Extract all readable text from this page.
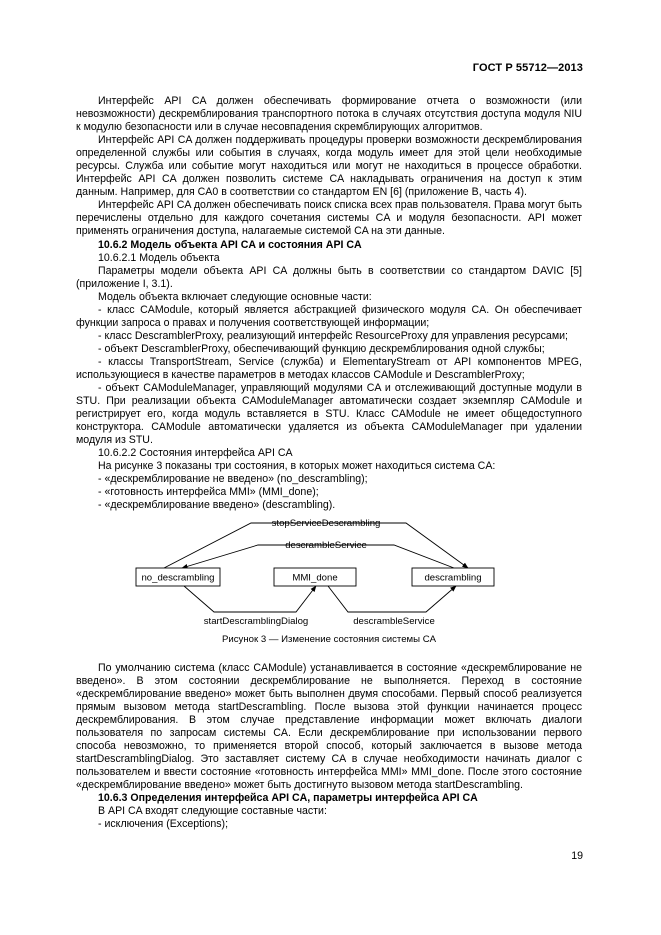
ГОСТ Р 55712—2013

Интерфейс API CA должен обеспечивать формирование отчета о возможности (или невозможности) дескремблирования транспортного потока в случаях отсутствия доступа модуля NIU к модулю безопасности или в случае несовпадения скремблирующих алгоритмов.

Интерфейс API CA должен поддерживать процедуры проверки возможности дескремблирования определенной службы или события в случаях, когда модуль имеет для этой цели необходимые ресурсы. Служба или событие могут находиться или могут не находиться в процессе обработки. Интерфейс API CA должен позволить системе CA накладывать ограничения на доступ к этим данным. Например, для CA0 в соответствии со стандартом EN [6] (приложение B, часть 4).

Интерфейс API CA должен обеспечивать поиск списка всех прав пользователя. Права могут быть перечислены отдельно для каждого сочетания системы CA и модуля безопасности. API может применять ограничения доступа, налагаемые системой CA на эти данные.

10.6.2 Модель объекта API CA и состояния API CA

10.6.2.1 Модель объекта

Параметры модели объекта API CA должны быть в соответствии со стандартом DAVIC [5] (приложение I, 3.1).

Модель объекта включает следующие основные части:

- класс CAModule, который является абстракцией физического модуля CA. Он обеспечивает функции запроса о правах и получения соответствующей информации;

- класс DescramblerProxy, реализующий интерфейс ResourceProxy для управления ресурсами;

- объект DescramblerProxy, обеспечивающий функцию дескремблирования одной службы;

- классы TransportStream, Service (служба) и ElementaryStream от API компонентов MPEG, использующиеся в качестве параметров в методах классов CAModule и DescramblerProxy;

- объект CAModuleManager, управляющий модулями CA и отслеживающий доступные модули в STU. При реализации объекта CAModuleManager автоматически создает экземпляр CAModule и регистрирует его, когда модуль вставляется в STU. Класс CAModule не имеет общедоступного конструктора. CAModule автоматически удаляется из объекта CAModuleManager при удалении модуля из STU.

10.6.2.2 Состояния интерфейса API CA

На рисунке 3 показаны три состояния, в которых может находиться система CA:

- «дескремблирование не введено» (no_descrambling);

- «готовность интерфейса MMI» (MMI_done);

- «дескремблирование введено» (descrambling).

stopServiceDescrambling
descrambleService
no_descrambling	MMI_done	descrambling
startDescramblingDialog	descrambleService
Рисунок 3 — Изменение состояния системы CA

По умолчанию система (класс CAModule) устанавливается в состояние «дескремблирование не введено». В этом состоянии дескремблирование не выполняется. Переход в состояние «дескремблирование введено» может быть выполнен двумя способами. Первый способ реализуется прямым вызовом метода startDescrambling. После вызова этой функции начинается процесс дескремблирования. В этом случае представление информации может включать диалоги пользователя по запросам системы CA. Если дескремблирование при использовании первого способа невозможно, то применяется второй способ, который заключается в вызове метода startDescramblingDialog. Это заставляет систему CA в случае необходимости начинать диалог с пользователем и ввести состояние «готовность интерфейса MMI» MMI_done. После этого состояние «дескремблирование введено» может быть достигнуто вызовом метода startDescrambling.

10.6.3 Определения интерфейса API CA, параметры интерфейса API CA

В API CA входят следующие составные части:

- исключения (Exceptions);

19
